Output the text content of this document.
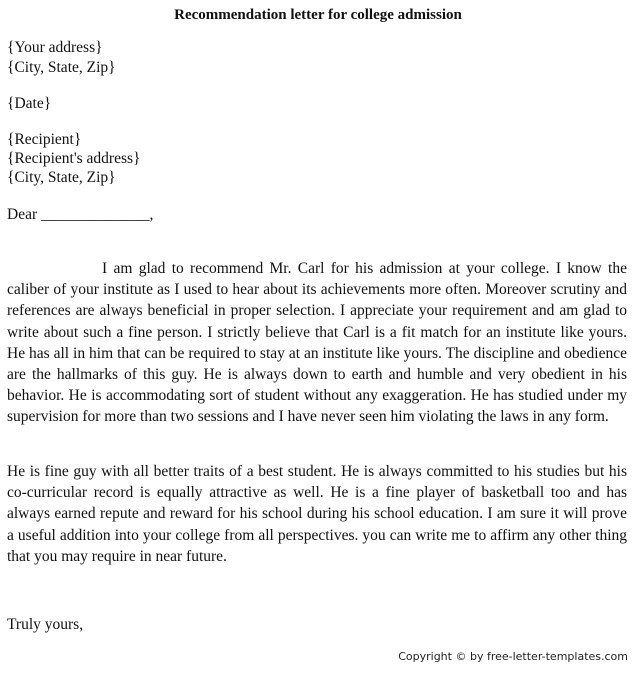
Recommendation letter for college admission
{Your address}
{City, State, Zip}
{Date}
{Recipient}
{Recipient's address}
{City, State, Zip}
Dear ______________,
I am glad to recommend Mr. Carl for his admission at your college. I know the caliber of your institute as I used to hear about its achievements more often. Moreover scrutiny and references are always beneficial in proper selection. I appreciate your requirement and am glad to write about such a fine person. I strictly believe that Carl is a fit match for an institute like yours. He has all in him that can be required to stay at an institute like yours. The discipline and obedience are the hallmarks of this guy. He is always down to earth and humble and very obedient in his behavior. He is accommodating sort of student without any exaggeration. He has studied under my supervision for more than two sessions and I have never seen him violating the laws in any form.
He is fine guy with all better traits of a best student. He is always committed to his studies but his co-curricular record is equally attractive as well. He is a fine player of basketball too and has always earned repute and reward for his school during his school education. I am sure it will prove a useful addition into your college from all perspectives. you can write me to affirm any other thing that you may require in near future.
Truly yours,
Copyright © by free-letter-templates.com
